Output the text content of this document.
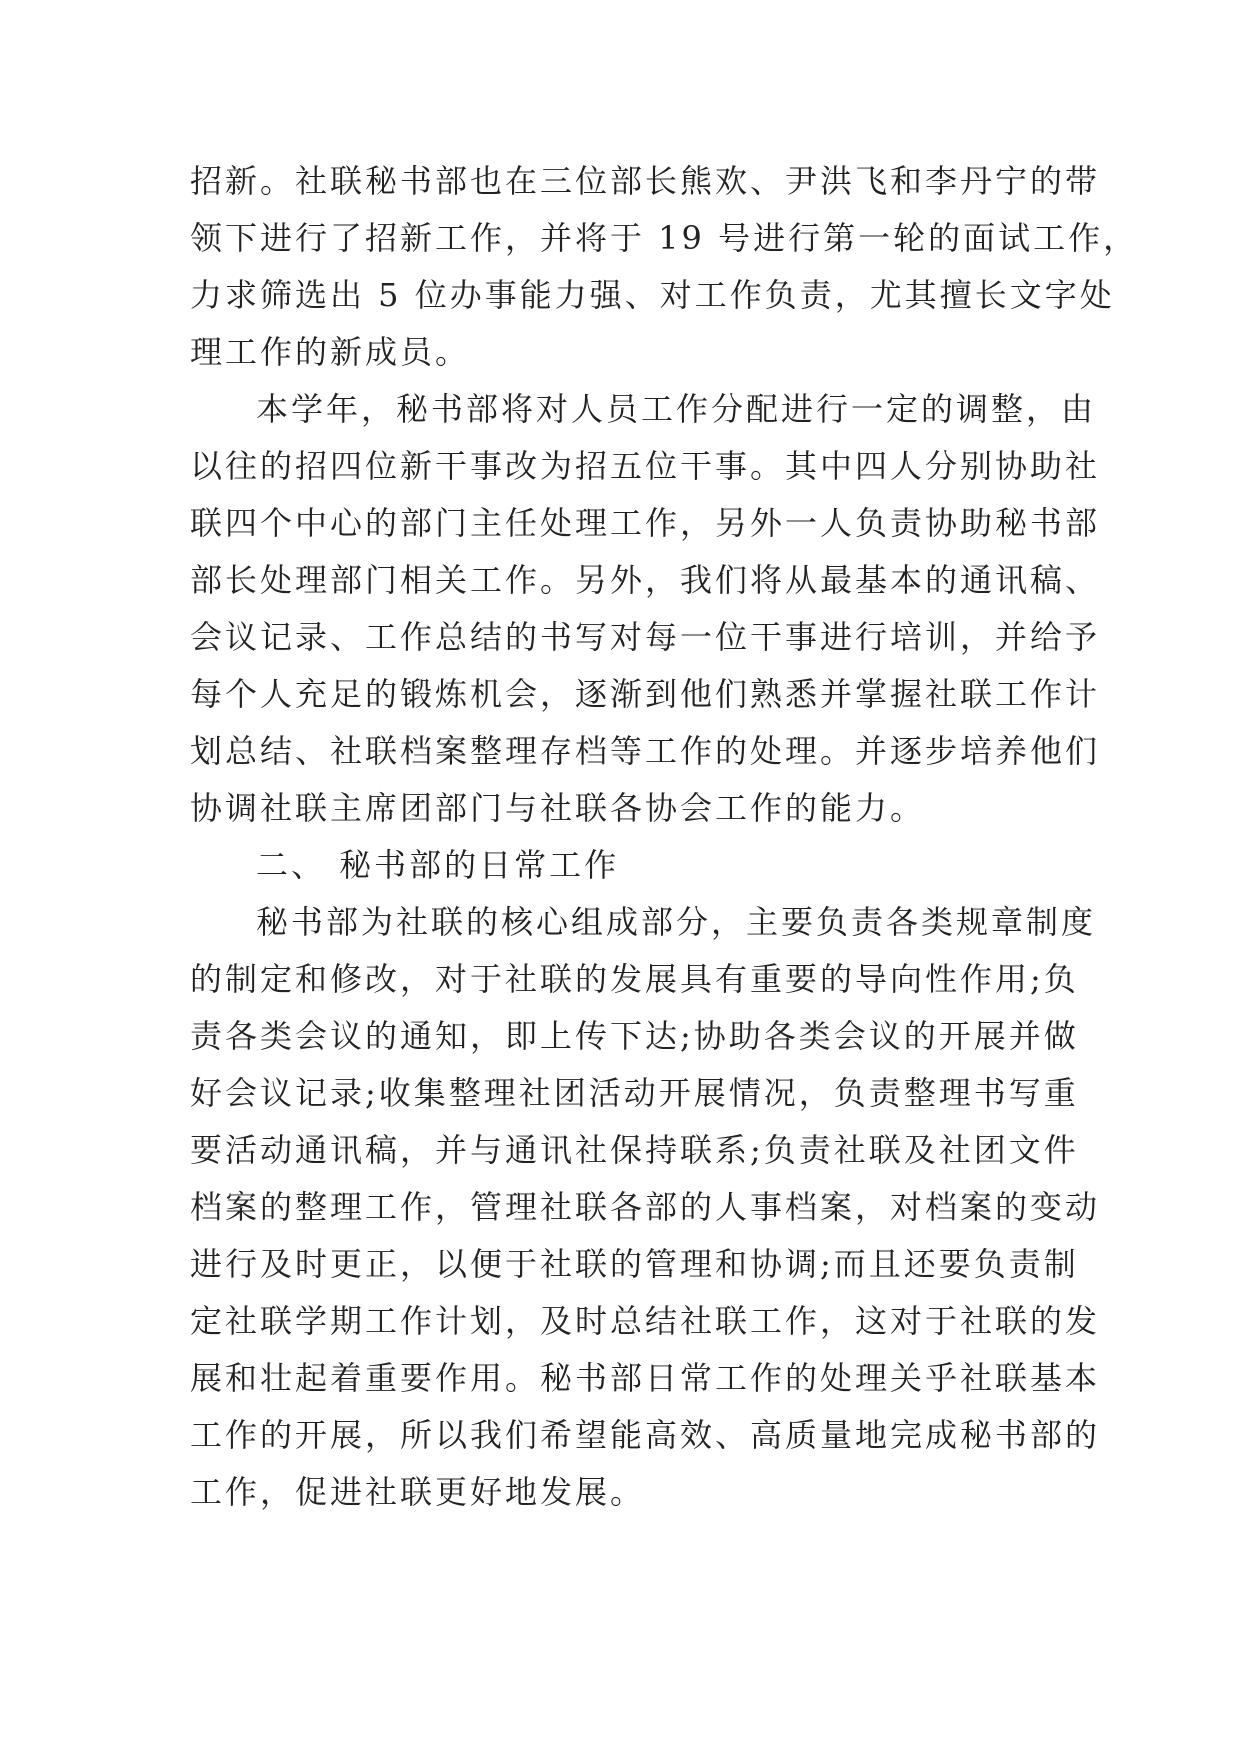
招新。社联秘书部也在三位部长熊欢、尹洪飞和李丹宁的带
领下进行了招新工作，并将于 19 号进行第一轮的面试工作，
力求筛选出 5 位办事能力强、对工作负责，尤其擅长文字处
理工作的新成员。
本学年，秘书部将对人员工作分配进行一定的调整，由
以往的招四位新干事改为招五位干事。其中四人分别协助社
联四个中心的部门主任处理工作，另外一人负责协助秘书部
部长处理部门相关工作。另外，我们将从最基本的通讯稿、
会议记录、工作总结的书写对每一位干事进行培训，并给予
每个人充足的锻炼机会，逐渐到他们熟悉并掌握社联工作计
划总结、社联档案整理存档等工作的处理。并逐步培养他们
协调社联主席团部门与社联各协会工作的能力。
二、 秘书部的日常工作
秘书部为社联的核心组成部分，主要负责各类规章制度
的制定和修改，对于社联的发展具有重要的导向性作用;负
责各类会议的通知，即上传下达;协助各类会议的开展并做
好会议记录;收集整理社团活动开展情况，负责整理书写重
要活动通讯稿，并与通讯社保持联系;负责社联及社团文件
档案的整理工作，管理社联各部的人事档案，对档案的变动
进行及时更正，以便于社联的管理和协调;而且还要负责制
定社联学期工作计划，及时总结社联工作，这对于社联的发
展和壮起着重要作用。秘书部日常工作的处理关乎社联基本
工作的开展，所以我们希望能高效、高质量地完成秘书部的
工作，促进社联更好地发展。
